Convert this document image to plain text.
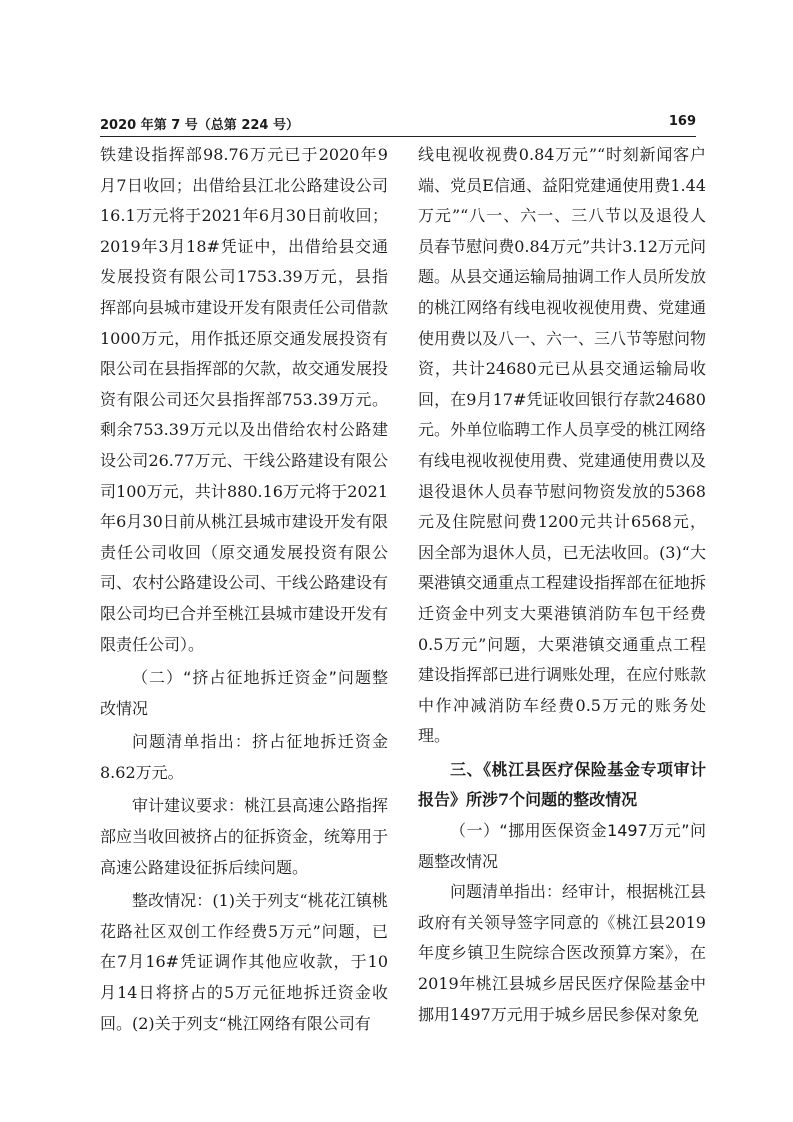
2020 年第 7 号（总第 224 号）	169

铁建设指挥部98.76万元已于2020年9月7日收回；出借给县江北公路建设公司16.1万元将于2021年6月30日前收回；2019年3月18#凭证中，出借给县交通发展投资有限公司1753.39万元，县指挥部向县城市建设开发有限责任公司借款1000万元，用作抵还原交通发展投资有限公司在县指挥部的欠款，故交通发展投资有限公司还欠县指挥部753.39万元。剩余753.39万元以及出借给农村公路建设公司26.77万元、干线公路建设有限公司100万元，共计880.16万元将于2021年6月30日前从桃江县城市建设开发有限责任公司收回（原交通发展投资有限公司、农村公路建设公司、干线公路建设有限公司均已合并至桃江县城市建设开发有限责任公司）。

（二）“挤占征地拆迁资金”问题整改情况

问题清单指出：挤占征地拆迁资金8.62万元。

审计建议要求：桃江县高速公路指挥部应当收回被挤占的征拆资金，统筹用于高速公路建设征拆后续问题。

整改情况：(1)关于列支“桃花江镇桃花路社区双创工作经费5万元”问题，已在7月16#凭证调作其他应收款，于10月14日将挤占的5万元征地拆迁资金收回。(2)关于列支“桃江网络有限公司有

线电视收视费0.84万元”“时刻新闻客户端、党员E信通、益阳党建通使用费1.44万元”“八一、六一、三八节以及退役人员春节慰问费0.84万元”共计3.12万元问题。从县交通运输局抽调工作人员所发放的桃江网络有线电视收视使用费、党建通使用费以及八一、六一、三八节等慰问物资，共计24680元已从县交通运输局收回，在9月17#凭证收回银行存款24680元。外单位临聘工作人员享受的桃江网络有线电视收视使用费、党建通使用费以及退役退休人员春节慰问物资发放的5368元及住院慰问费1200元共计6568元，因全部为退休人员，已无法收回。(3)“大栗港镇交通重点工程建设指挥部在征地拆迁资金中列支大栗港镇消防车包干经费0.5万元”问题，大栗港镇交通重点工程建设指挥部已进行调账处理，在应付账款中作冲减消防车经费0.5万元的账务处理。

三、《桃江县医疗保险基金专项审计报告》所涉7个问题的整改情况

（一）“挪用医保资金1497万元”问题整改情况

问题清单指出：经审计，根据桃江县政府有关领导签字同意的《桃江县2019年度乡镇卫生院综合医改预算方案》，在2019年桃江县城乡居民医疗保险基金中挪用1497万元用于城乡居民参保对象免
